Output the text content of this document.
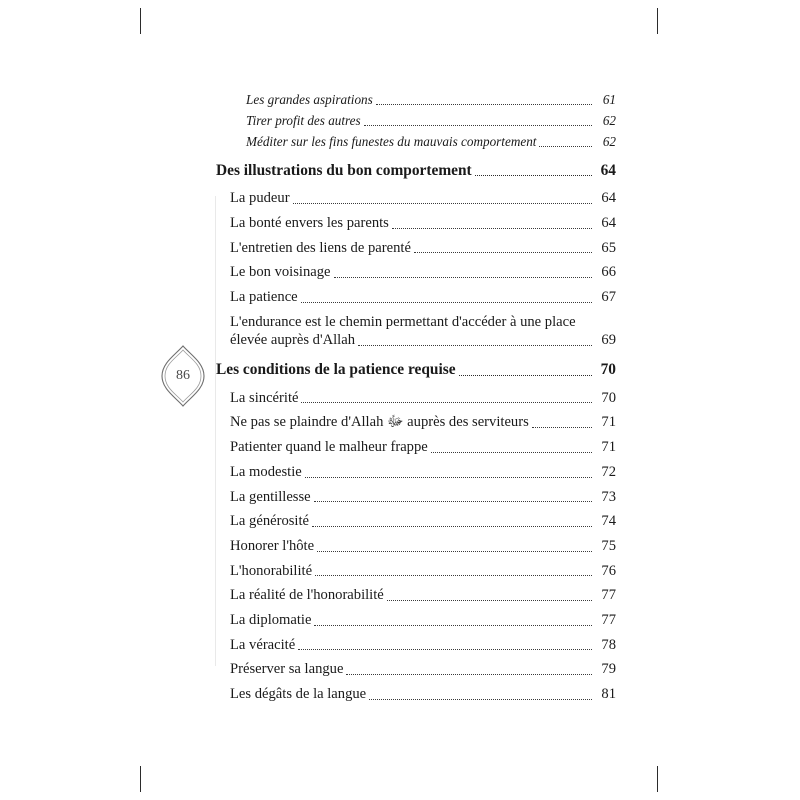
86
Les grandes aspirations	61
Tirer profit des autres	62
Méditer sur les fins funestes du mauvais comportement	62
Des illustrations du bon comportement	64
La pudeur	64
La bonté envers les parents	64
L'entretien des liens de parenté	65
Le bon voisinage	66
La patience	67
L'endurance est le chemin permettant d'accéder à une place
élevée auprès d'Allah	69
Les conditions de la patience requise	70
La sincérité	70
Ne pas se plaindre d'Allah ﷻ auprès des serviteurs	71
Patienter quand le malheur frappe	71
La modestie	72
La gentillesse	73
La générosité	74
Honorer l'hôte	75
L'honorabilité	76
La réalité de l'honorabilité	77
La diplomatie	77
La véracité	78
Préserver sa langue	79
Les dégâts de la langue	81
